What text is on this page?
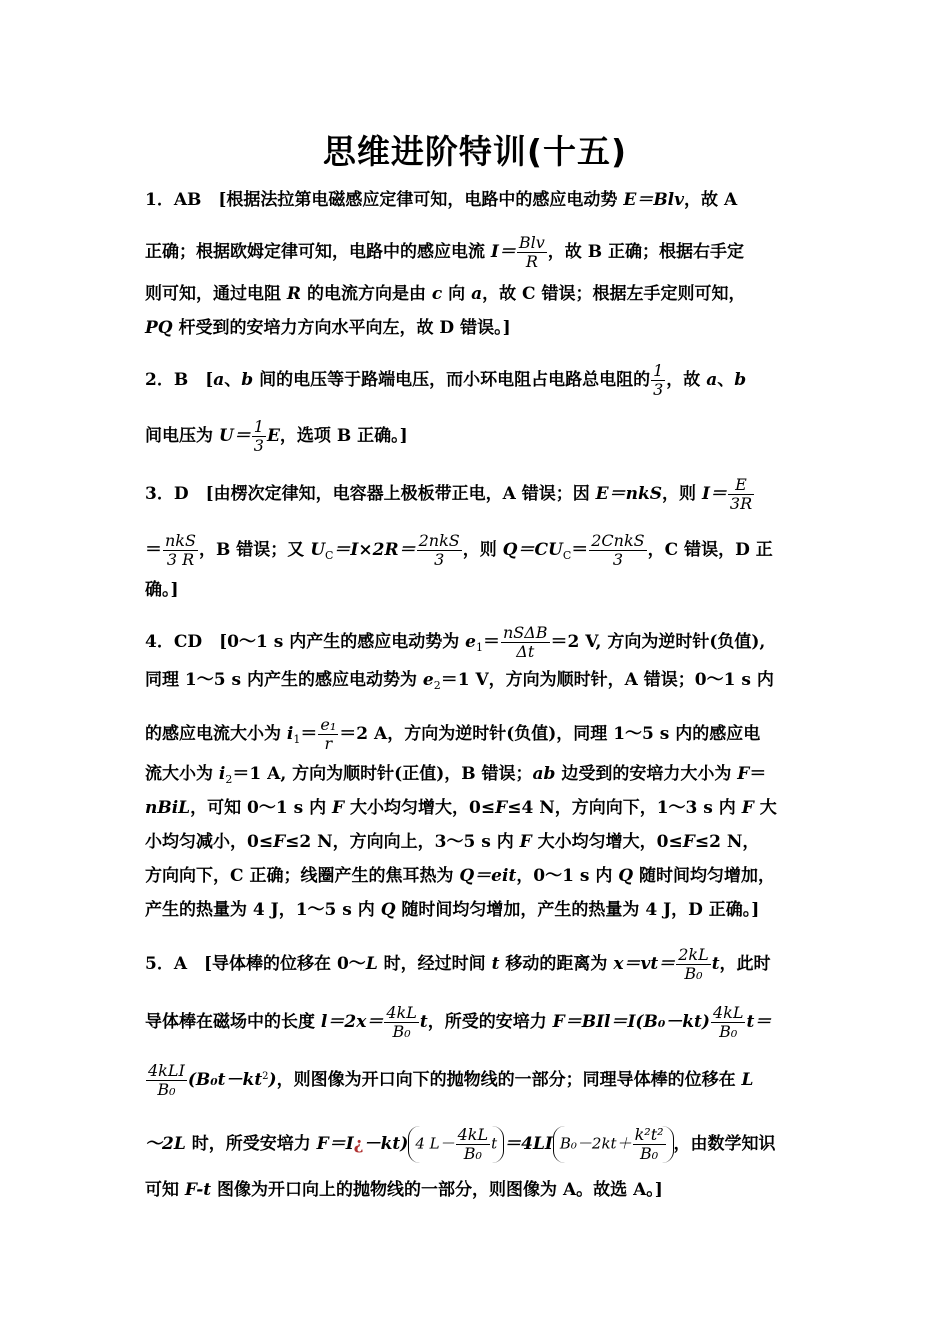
思维进阶特训(十五)
1．AB　[根据法拉第电磁感应定律可知，电路中的感应电动势 E＝Blv，故 A
正确；根据欧姆定律可知，电路中的感应电流 I＝ Blv
R ，故 B 正确；根据右手定
则可知，通过电阻 R 的电流方向是由 c 向 a，故 C 错误；根据左手定则可知，
PQ 杆受到的安培力方向水平向左，故 D 错误。]
2．B　[a、b 间的电压等于路端电压，而小环电阻占电路总电阻的 $\frac{1}{3}$ ，故 a、b
间电压为 $U= \frac{1}{3}$ E，选项 B 正确。]
3．D　[由楞次定律知，电容器上极板带正电，A 错误；因 E＝nkS，则 $I= \frac{E}{3R}$
＝ nkS
3 R ，B 错误；又 $U_C=I\times 2R= 2nkS$
3	，则 $Q=CU_C=$ 2CnkS
3	，C 错误，D 正
确。]
4．CD　[0～1 s 内产生的感应电动势为 $e_1= nS\Delta B$
Δt ＝2 V, 方向为逆时针(负值),
同理 1～5 s 内产生的感应电动势为 $e_2=1$ V，方向为顺时针，A 错误；0～1 s 内
的感应电流大小为 $i_1= \frac{\text{e₁}}{r} =2$ A，方向为逆时针(负值)，同理 1～5 s 内的感应电
流大小为 $i_2=1$ A, 方向为顺时针(正值)，B 错误；ab 边受到的安培力大小为 F＝
nBiL，可知 0～1 s 内 F 大小均匀增大，0≤F≤4 N，方向向下，1～3 s 内 F 大
小均匀减小，0≤F≤2 N，方向向上，3～5 s 内 F 大小均匀增大，0≤F≤2 N，
方向向下，C 正确；线圈产生的焦耳热为 Q＝eit，0～1 s 内 Q 随时间均匀增加，
产生的热量为 4 J，1～5 s 内 Q 随时间均匀增加，产生的热量为 4 J，D 正确。]
5．A　[导体棒的位移在 0～L 时，经过时间 t 移动的距离为 $x=vt= \frac{2kL}{\text{B₀}}$ t，此时
导体棒在磁场中的长度 $l=2x= \frac{4kL}{\text{B₀}}$ t，所受的安培力 $F=BIl=I(B_0-kt) \frac{4kL}{\text{B₀}} t=$
4kLI
B₀ $(B_0t-kt^2)$，则图像为开口向下的抛物线的一部分；同理导体棒的位移在 L
～2L 时，所受安培力 F＝I¿－kt) 4 $L- \frac{4kL}{\text{B₀}}$ t ＝4LI $B_0-2kt+ \frac{\text{k²t²}}{\text{B₀}}$ ，由数学知识
可知 F-t 图像为开口向上的抛物线的一部分，则图像为 A。故选 A。]
